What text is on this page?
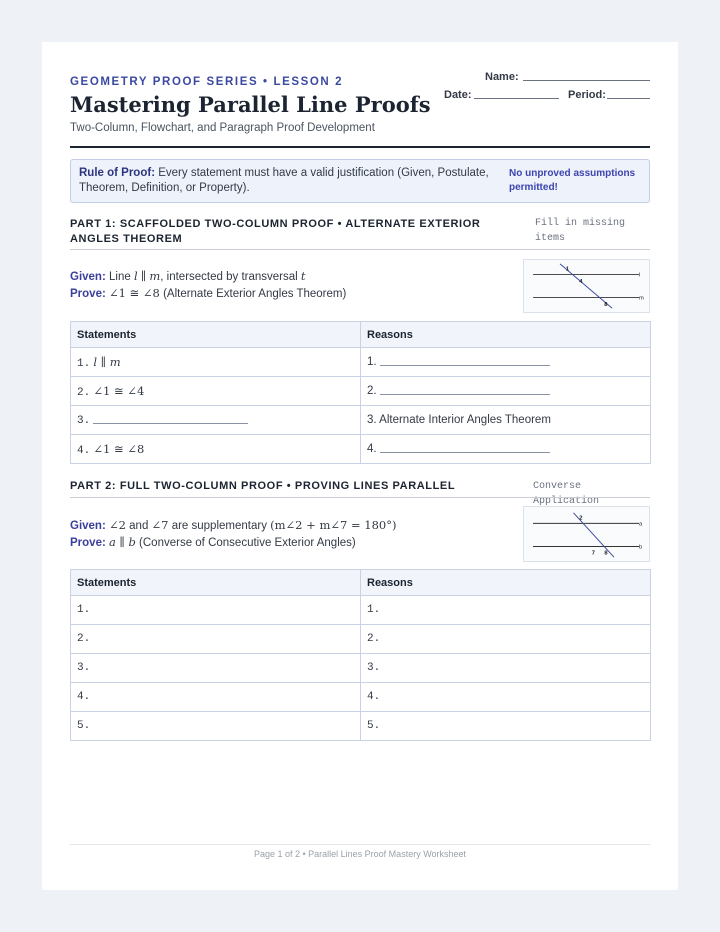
GEOMETRY PROOF SERIES • LESSON 2
Mastering Parallel Line Proofs
Two-Column, Flowchart, and Paragraph Proof Development
Name:
Date:	Period:
Rule of Proof: Every statement must have a valid justification (Given, Postulate, Theorem, Definition, or Property).
No unproved assumptions permitted!
PART 1: SCAFFOLDED TWO-COLUMN PROOF • ALTERNATE EXTERIOR ANGLES THEOREM
Fill in missing items
Given: Line l ∥ m, intersected by transversal t
Prove: ∠1 ≅ ∠8 (Alternate Exterior Angles Theorem)
1
4
8
l
m
Statements	Reasons
1. l ∥ m	1.
2. ∠1 ≅ ∠4	2.
3.	3. Alternate Interior Angles Theorem
4. ∠1 ≅ ∠8	4.
PART 2: FULL TWO-COLUMN PROOF • PROVING LINES PARALLEL	Converse Application
Given: ∠2 and ∠7 are supplementary (m∠2 + m∠7 = 180°)
Prove: a ∥ b (Converse of Consecutive Exterior Angles)
2
7 8
a
b
Statements	Reasons
1.	1.
2.	2.
3.	3.
4.	4.
5.	5.
Page 1 of 2 • Parallel Lines Proof Mastery Worksheet
